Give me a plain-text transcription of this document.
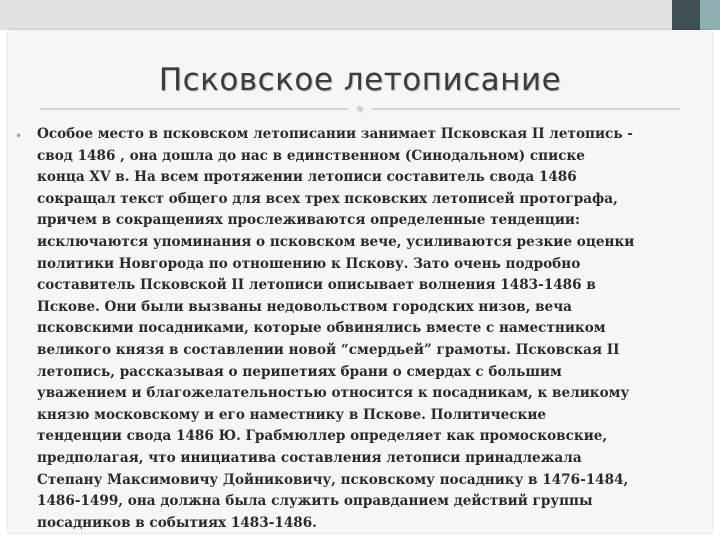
Псковское летописание
• Особое место в псковском летописании занимает Псковская II летопись -
свод 1486 , она дошла до нас в единственном (Синодальном) списке
конца XV в. На всем протяжении летописи составитель свода 1486
сокращал текст общего для всех трех псковских летописей протографа,
причем в сокращениях прослеживаются определенные тенденции:
исключаются упоминания о псковском вече, усиливаются резкие оценки
политики Новгорода по отношению к Пскову. Зато очень подробно
составитель Псковской II летописи описывает волнения 1483-1486 в
Пскове. Они были вызваны недовольством городских низов, веча
псковскими посадниками, которые обвинялись вместе с наместником
великого князя в составлении новой “смердьей” грамоты. Псковская II
летопись, рассказывая о перипетиях брани о смердах с большим
уважением и благожелательностью относится к посадникам, к великому
князю московскому и его наместнику в Пскове. Политические
тенденции свода 1486 Ю. Грабмюллер определяет как промосковские,
предполагая, что инициатива составления летописи принадлежала
Степану Максимовичу Дойниковичу, псковскому посаднику в 1476-1484,
1486-1499, она должна была служить оправданием действий группы
посадников в событиях 1483-1486.
